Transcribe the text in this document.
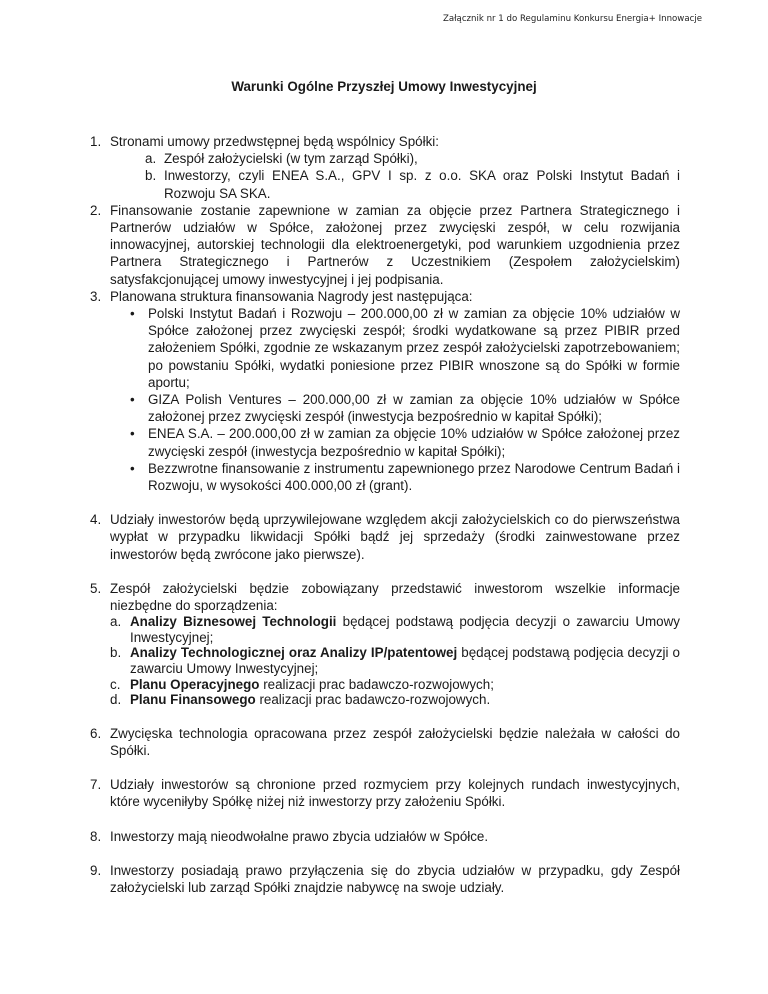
Załącznik nr 1 do Regulaminu Konkursu Energia+ Innowacje
Warunki Ogólne Przyszłej Umowy Inwestycyjnej
1. Stronami umowy przedwstępnej będą wspólnicy Spółki:
a. Zespół założycielski (w tym zarząd Spółki),
b. Inwestorzy, czyli ENEA S.A., GPV I sp. z o.o. SKA oraz Polski Instytut Badań i Rozwoju SA SKA.
2. Finansowanie zostanie zapewnione w zamian za objęcie przez Partnera Strategicznego i Partnerów udziałów w Spółce, założonej przez zwycięski zespół, w celu rozwijania innowacyjnej, autorskiej technologii dla elektroenergetyki, pod warunkiem uzgodnienia przez Partnera Strategicznego i Partnerów z Uczestnikiem (Zespołem założycielskim) satysfakcjonującej umowy inwestycyjnej i jej podpisania.
3. Planowana struktura finansowania Nagrody jest następująca:
• Polski Instytut Badań i Rozwoju – 200.000,00 zł w zamian za objęcie 10% udziałów w Spółce założonej przez zwycięski zespół; środki wydatkowane są przez PIBIR przed założeniem Spółki, zgodnie ze wskazanym przez zespół założycielski zapotrzebowaniem; po powstaniu Spółki, wydatki poniesione przez PIBIR wnoszone są do Spółki w formie aportu;
• GIZA Polish Ventures – 200.000,00 zł w zamian za objęcie 10% udziałów w Spółce założonej przez zwycięski zespół (inwestycja bezpośrednio w kapitał Spółki);
• ENEA S.A. – 200.000,00 zł w zamian za objęcie 10% udziałów w Spółce założonej przez zwycięski zespół (inwestycja bezpośrednio w kapitał Spółki);
• Bezzwrotne finansowanie z instrumentu zapewnionego przez Narodowe Centrum Badań i Rozwoju, w wysokości 400.000,00 zł (grant).
4. Udziały inwestorów będą uprzywilejowane względem akcji założycielskich co do pierwszeństwa wypłat w przypadku likwidacji Spółki bądź jej sprzedaży (środki zainwestowane przez inwestorów będą zwrócone jako pierwsze).
5. Zespół założycielski będzie zobowiązany przedstawić inwestorom wszelkie informacje niezbędne do sporządzenia:
a. Analizy Biznesowej Technologii będącej podstawą podjęcia decyzji o zawarciu Umowy Inwestycyjnej;
b. Analizy Technologicznej oraz Analizy IP/patentowej będącej podstawą podjęcia decyzji o zawarciu Umowy Inwestycyjnej;
c. Planu Operacyjnego realizacji prac badawczo-rozwojowych;
d. Planu Finansowego realizacji prac badawczo-rozwojowych.
6. Zwycięska technologia opracowana przez zespół założycielski będzie należała w całości do Spółki.
7. Udziały inwestorów są chronione przed rozmyciem przy kolejnych rundach inwestycyjnych, które wyceniłyby Spółkę niżej niż inwestorzy przy założeniu Spółki.
8. Inwestorzy mają nieodwołalne prawo zbycia udziałów w Spółce.
9. Inwestorzy posiadają prawo przyłączenia się do zbycia udziałów w przypadku, gdy Zespół założycielski lub zarząd Spółki znajdzie nabywcę na swoje udziały.
